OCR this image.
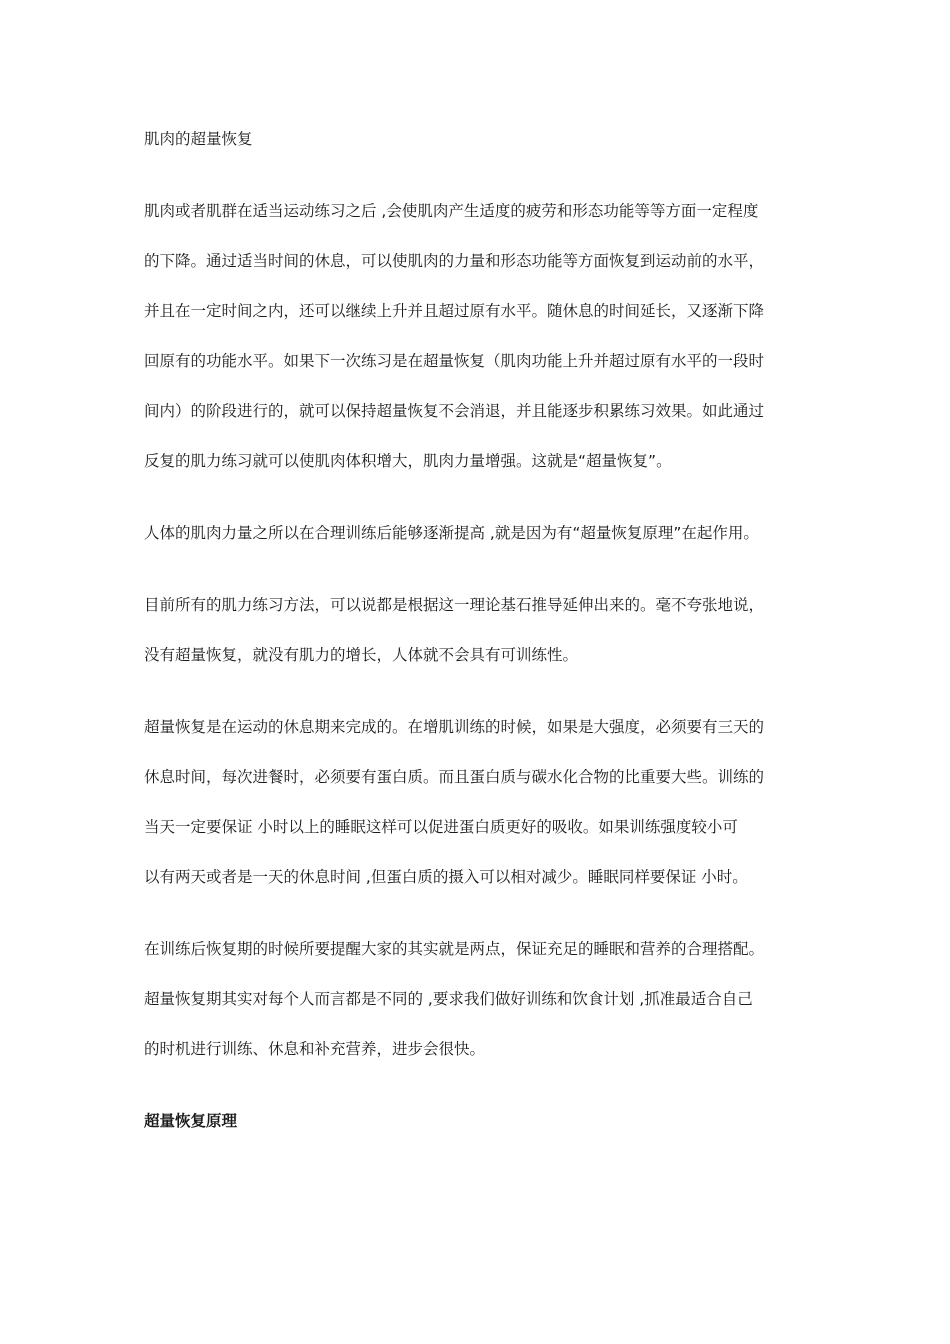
肌肉的超量恢复
肌肉或者肌群在适当运动练习之后 ,会使肌肉产生适度的疲劳和形态功能等等方面一定程度
的下降。通过适当时间的休息，可以使肌肉的力量和形态功能等方面恢复到运动前的水平，
并且在一定时间之内，还可以继续上升并且超过原有水平。随休息的时间延长，又逐渐下降
回原有的功能水平。如果下一次练习是在超量恢复（肌肉功能上升并超过原有水平的一段时
间内）的阶段进行的，就可以保持超量恢复不会消退，并且能逐步积累练习效果。如此通过
反复的肌力练习就可以使肌肉体积增大，肌肉力量增强。这就是“超量恢复”。
人体的肌肉力量之所以在合理训练后能够逐渐提高 ,就是因为有“超量恢复原理”在起作用。
目前所有的肌力练习方法，可以说都是根据这一理论基石推导延伸出来的。毫不夸张地说，
没有超量恢复，就没有肌力的增长，人体就不会具有可训练性。
超量恢复是在运动的休息期来完成的。在增肌训练的时候，如果是大强度，必须要有三天的
休息时间，每次进餐时，必须要有蛋白质。而且蛋白质与碳水化合物的比重要大些。训练的
当天一定要保证 小时以上的睡眠这样可以促进蛋白质更好的吸收。如果训练强度较小可
以有两天或者是一天的休息时间 ,但蛋白质的摄入可以相对减少。睡眠同样要保证 小时。
在训练后恢复期的时候所要提醒大家的其实就是两点，保证充足的睡眠和营养的合理搭配。
超量恢复期其实对每个人而言都是不同的 ,要求我们做好训练和饮食计划 ,抓准最适合自己
的时机进行训练、休息和补充营养，进步会很快。
超量恢复原理
